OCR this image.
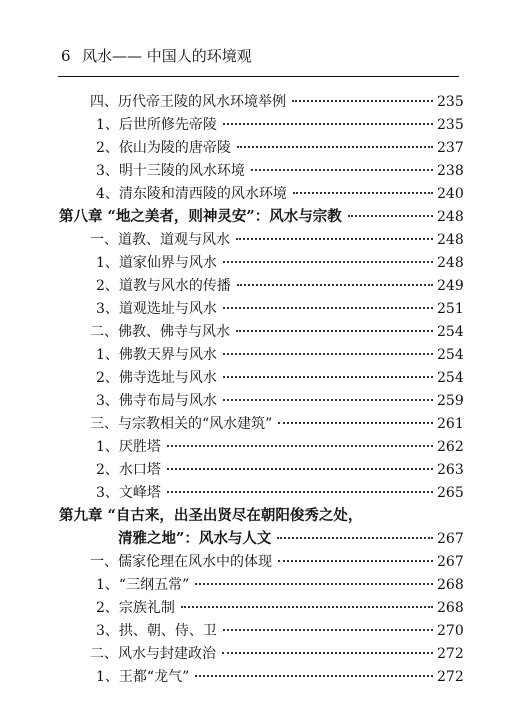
6 风水—— 中国人的环境观
四、历代帝王陵的风水环境举例	235
1、后世所修先帝陵	235
2、依山为陵的唐帝陵	237
3、明十三陵的风水环境	238
4、清东陵和清西陵的风水环境	240
第八章 “地之美者，则神灵安”：风水与宗教	248
一、道教、道观与风水	248
1、道家仙界与风水	248
2、道教与风水的传播	249
3、道观选址与风水	251
二、佛教、佛寺与风水	254
1、佛教天界与风水	254
2、佛寺选址与风水	254
3、佛寺布局与风水	259
三、与宗教相关的“风水建筑”	261
1、厌胜塔	262
2、水口塔	263
3、文峰塔	265
第九章 “自古来，出圣出贤尽在朝阳俊秀之处，
清雅之地”：风水与人文	267
一、儒家伦理在风水中的体现	267
1、“三纲五常”	268
2、宗族礼制	268
3、拱、朝、侍、卫	270
二、风水与封建政治	272
1、王都“龙气”	272
